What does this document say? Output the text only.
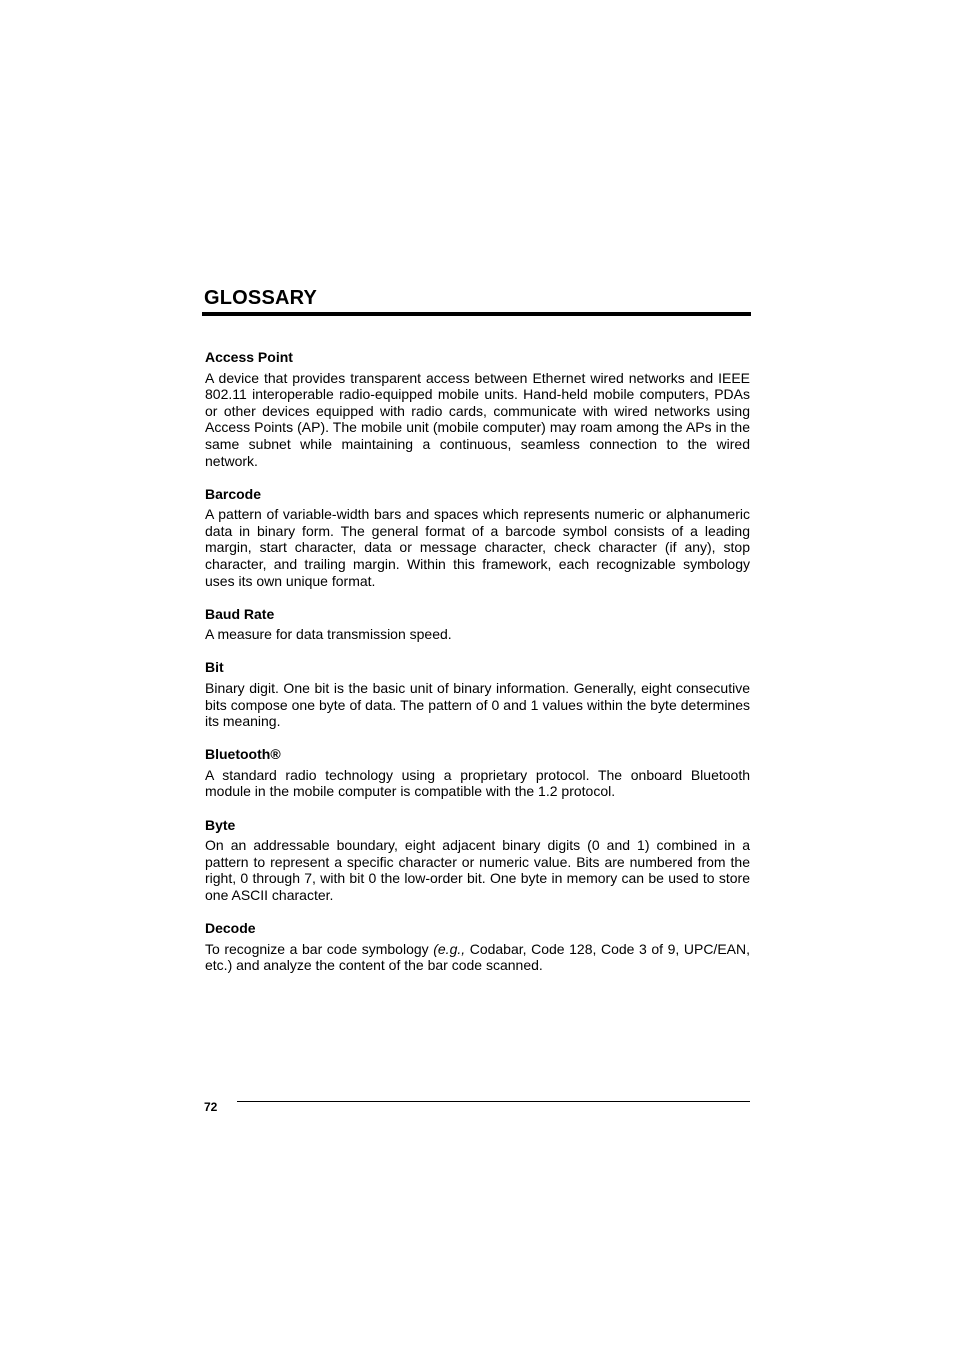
GLOSSARY
Access Point

A device that provides transparent access between Ethernet wired networks and IEEE 802.11 interoperable radio-equipped mobile units. Hand-held mobile computers, PDAs or other devices equipped with radio cards, communicate with wired networks using Access Points (AP). The mobile unit (mobile computer) may roam among the APs in the same subnet while maintaining a continuous, seamless connection to the wired network.

Barcode

A pattern of variable-width bars and spaces which represents numeric or alphanumeric data in binary form. The general format of a barcode symbol consists of a leading margin, start character, data or message character, check character (if any), stop character, and trailing margin. Within this framework, each recognizable symbology uses its own unique format.

Baud Rate

A measure for data transmission speed.

Bit

Binary digit. One bit is the basic unit of binary information. Generally, eight consecutive bits compose one byte of data. The pattern of 0 and 1 values within the byte determines its meaning.

Bluetooth®

A standard radio technology using a proprietary protocol. The onboard Bluetooth module in the mobile computer is compatible with the 1.2 protocol.

Byte

On an addressable boundary, eight adjacent binary digits (0 and 1) combined in a pattern to represent a specific character or numeric value. Bits are numbered from the right, 0 through 7, with bit 0 the low-order bit. One byte in memory can be used to store one ASCII character.

Decode

To recognize a bar code symbology (e.g., Codabar, Code 128, Code 3 of 9, UPC/EAN, etc.) and analyze the content of the bar code scanned.

72
